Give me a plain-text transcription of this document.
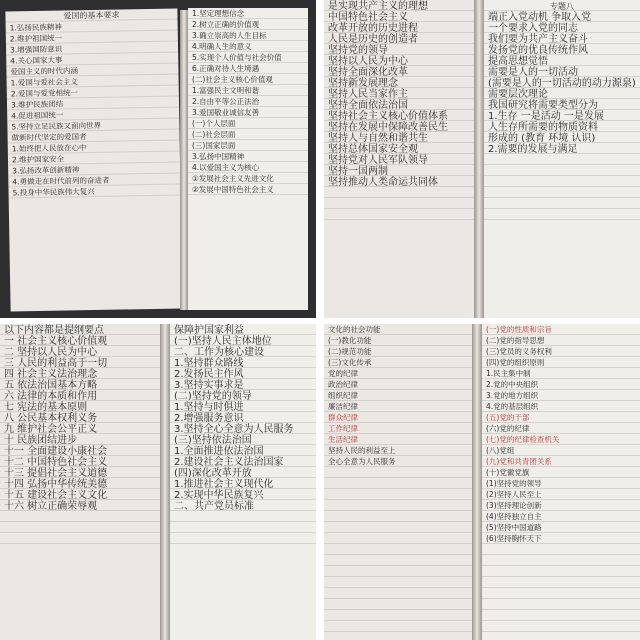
爱国的基本要求
1.弘扬民族精神
2.维护祖国统一
3.增强国防意识
4.关心国家大事
爱国主义的时代内涵
1.爱国与爱社会主义
2.爱国与爱党相统一
3.维护民族团结
4.促进祖国统一
5.坚持立足民族又面向世界
做新时代坚定的爱国者
1.始终把人民放在心中
2.维护国家安全
3.弘扬改革创新精神
4.勇做走在时代前列的奋进者
5.投身中华民族伟大复兴
1.坚定理想信念
2.树立正确的价值观
3.确立崇高的人生目标
4.明确人生的意义
5.实现个人价值与社会价值
6.正确对待人生境遇
(二)社会主义核心价值观
1.富强民主文明和谐
2.自由平等公正法治
3.爱国敬业诚信友善
(一)个人层面
(二)社会层面
(三)国家层面
3.弘扬中国精神
4.以爱国主义为核心
①发展社会主义先进文化
②发展中国特色社会主义
是实现共产主义的理想
中国特色社会主义
改革开放的历史进程
人民是历史的创造者
坚持党的领导
坚持以人民为中心
坚持全面深化改革
坚持新发展理念
坚持人民当家作主
坚持全面依法治国
坚持社会主义核心价值体系
坚持在发展中保障改善民生
坚持人与自然和谐共生
坚持总体国家安全观
坚持党对人民军队领导
坚持一国两制
坚持推动人类命运共同体
专题八
端正入党动机 争取入党
一个要求入党的同志
我们要为共产主义奋斗
发扬党的优良传统作风
提高思想觉悟
需要是人的一切活动
(需要是人的一切活动的动力源泉)
需要层次理论
我国研究将需要类型分为
1.生存 一是活动 一是发展
人生存所需要的物质资料
形成的 (教育 环境 认识)
2.需要的发展与满足
以下内容都是提纲要点
一 社会主义核心价值观
二 坚持以人民为中心
三 人民的利益高于一切
四 社会主义法治理念
五 依法治国基本方略
六 法律的本质和作用
七 宪法的基本原则
八 公民基本权利义务
九 维护社会公平正义
十 民族团结进步
十一 全面建设小康社会
十二 中国特色社会主义
十三 提倡社会主义道德
十四 弘扬中华传统美德
十五 建设社会主义文化
十六 树立正确荣辱观
保障护国家利益
(一)坚持人民主体地位
二、工作为核心建设
1.坚持群众路线
2.发扬民主作风
3.坚持实事求是
(二)坚持党的领导
1.坚持与时俱进
2.增强服务意识
3.坚持全心全意为人民服务
(三)坚持依法治国
1.全面推进依法治国
2.建设社会主义法治国家
(四)深化改革开放
1.推进社会主义现代化
2.实现中华民族复兴
二、共产党员标准
文化的社会功能
(一)教化功能
(二)规范功能
(三)文化传承
党的纪律
政治纪律
组织纪律
廉洁纪律
群众纪律
工作纪律
生活纪律
坚持人民的利益至上
全心全意为人民服务
(一)党的性质和宗旨
(二)党的指导思想
(三)党员的义务权利
(四)党的组织原则
1.民主集中制
2.党的中央组织
3.党的地方组织
4.党的基层组织
(五)党的干部
(六)党的纪律
(七)党的纪律检查机关
(八)党组
(九)党和共青团关系
(十)党徽党旗
(1)坚持党的领导
(2)坚持人民至上
(3)坚持理论创新
(4)坚持独立自主
(5)坚持中国道路
(6)坚持胸怀天下
